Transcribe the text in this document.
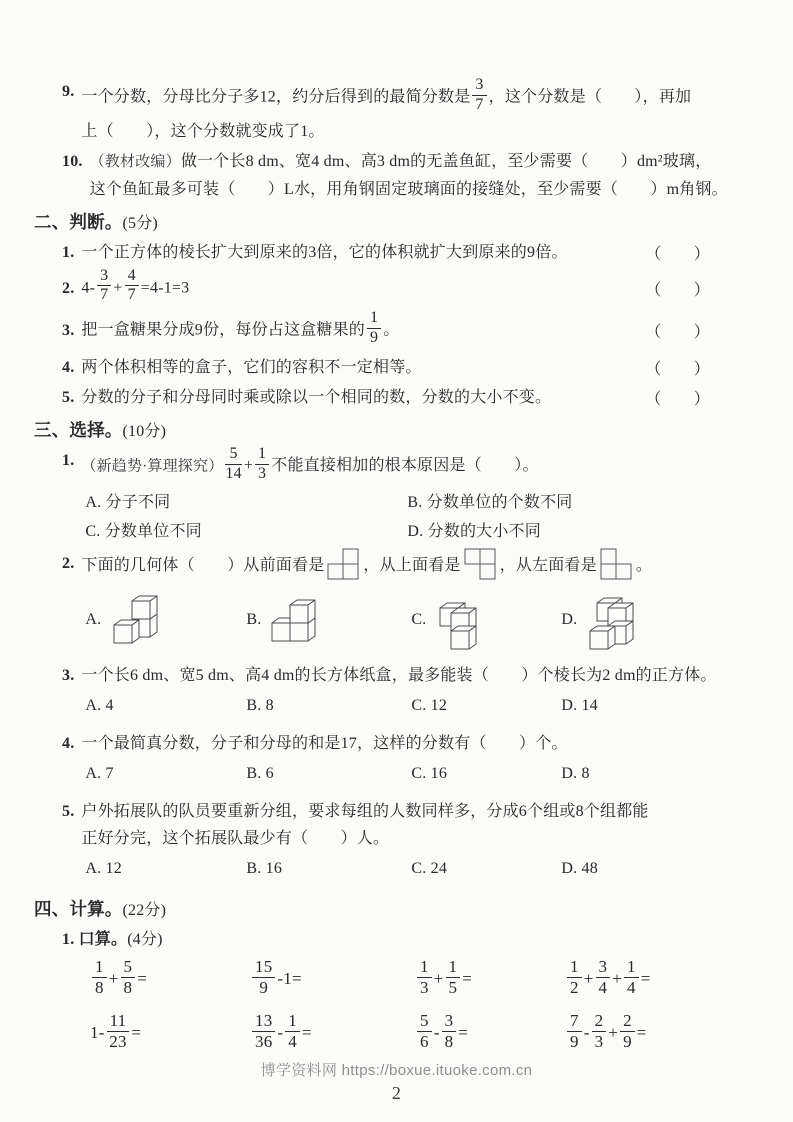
9. 一个分数，分母比分子多12，约分后得到的最简分数是 $\frac{3}{7}$ ，这个分数是（　　），再加
上（　　），这个分数就变成了1。
10. （教材改编）做一个长8 dm、宽4 dm、高3 dm的无盖鱼缸，至少需要（　　）dm²玻璃，
这个鱼缸最多可装（　　）L水，用角钢固定玻璃面的接缝处，至少需要（　　）m角钢。
二、判断。(5分)
1. 一个正方体的棱长扩大到原来的3倍，它的体积就扩大到原来的9倍。	（　　）
2. $4- \frac{3}{7} + \frac{4}{7} =4-1=3$	（　　）
3. 把一盒糖果分成9份，每份占这盒糖果的 $\frac{1}{9}$ 。	（　　）
4. 两个体积相等的盒子，它们的容积不一定相等。	（　　）
5. 分数的分子和分母同时乘或除以一个相同的数，分数的大小不变。	（　　）
三、选择。(10分)
1. （新趋势·算理探究） $\frac{5}{14} + \frac{1}{3}$ 不能直接相加的根本原因是（　　）。
A. 分子不同	B. 分数单位的个数不同
C. 分数单位不同	D. 分数的大小不同
2. 下面的几何体（　　）从前面看是 ，从上面看是 ，从左面看是 。
A.	B.	C.	D.
3. 一个长6 dm、宽5 dm、高4 dm的长方体纸盒，最多能装（　　）个棱长为2 dm的正方体。
A. 4	B. 8	C. 12	D. 14
4. 一个最简真分数，分子和分母的和是17，这样的分数有（　　）个。
A. 7	B. 6	C. 16	D. 8
5. 户外拓展队的队员要重新分组，要求每组的人数同样多，分成6个组或8个组都能
正好分完，这个拓展队最少有（　　）人。
A. 12	B. 16	C. 24	D. 48
四、计算。(22分)
1. 口算。(4分)
$\frac{1}{8} + \frac{5}{8}$ =	$\frac{15}{9} -1=$	$\frac{1}{3} + \frac{1}{5}$ =	$\frac{1}{2} + \frac{3}{4} + \frac{1}{4}$ =
$1- \frac{11}{23}$ =	$\frac{13}{36} - \frac{1}{4}$ =	$\frac{5}{6} - \frac{3}{8}$ =	$\frac{7}{9} - \frac{2}{3} + \frac{2}{9}$ =
博学资料网 https://boxue.ituoke.com.cn
2
